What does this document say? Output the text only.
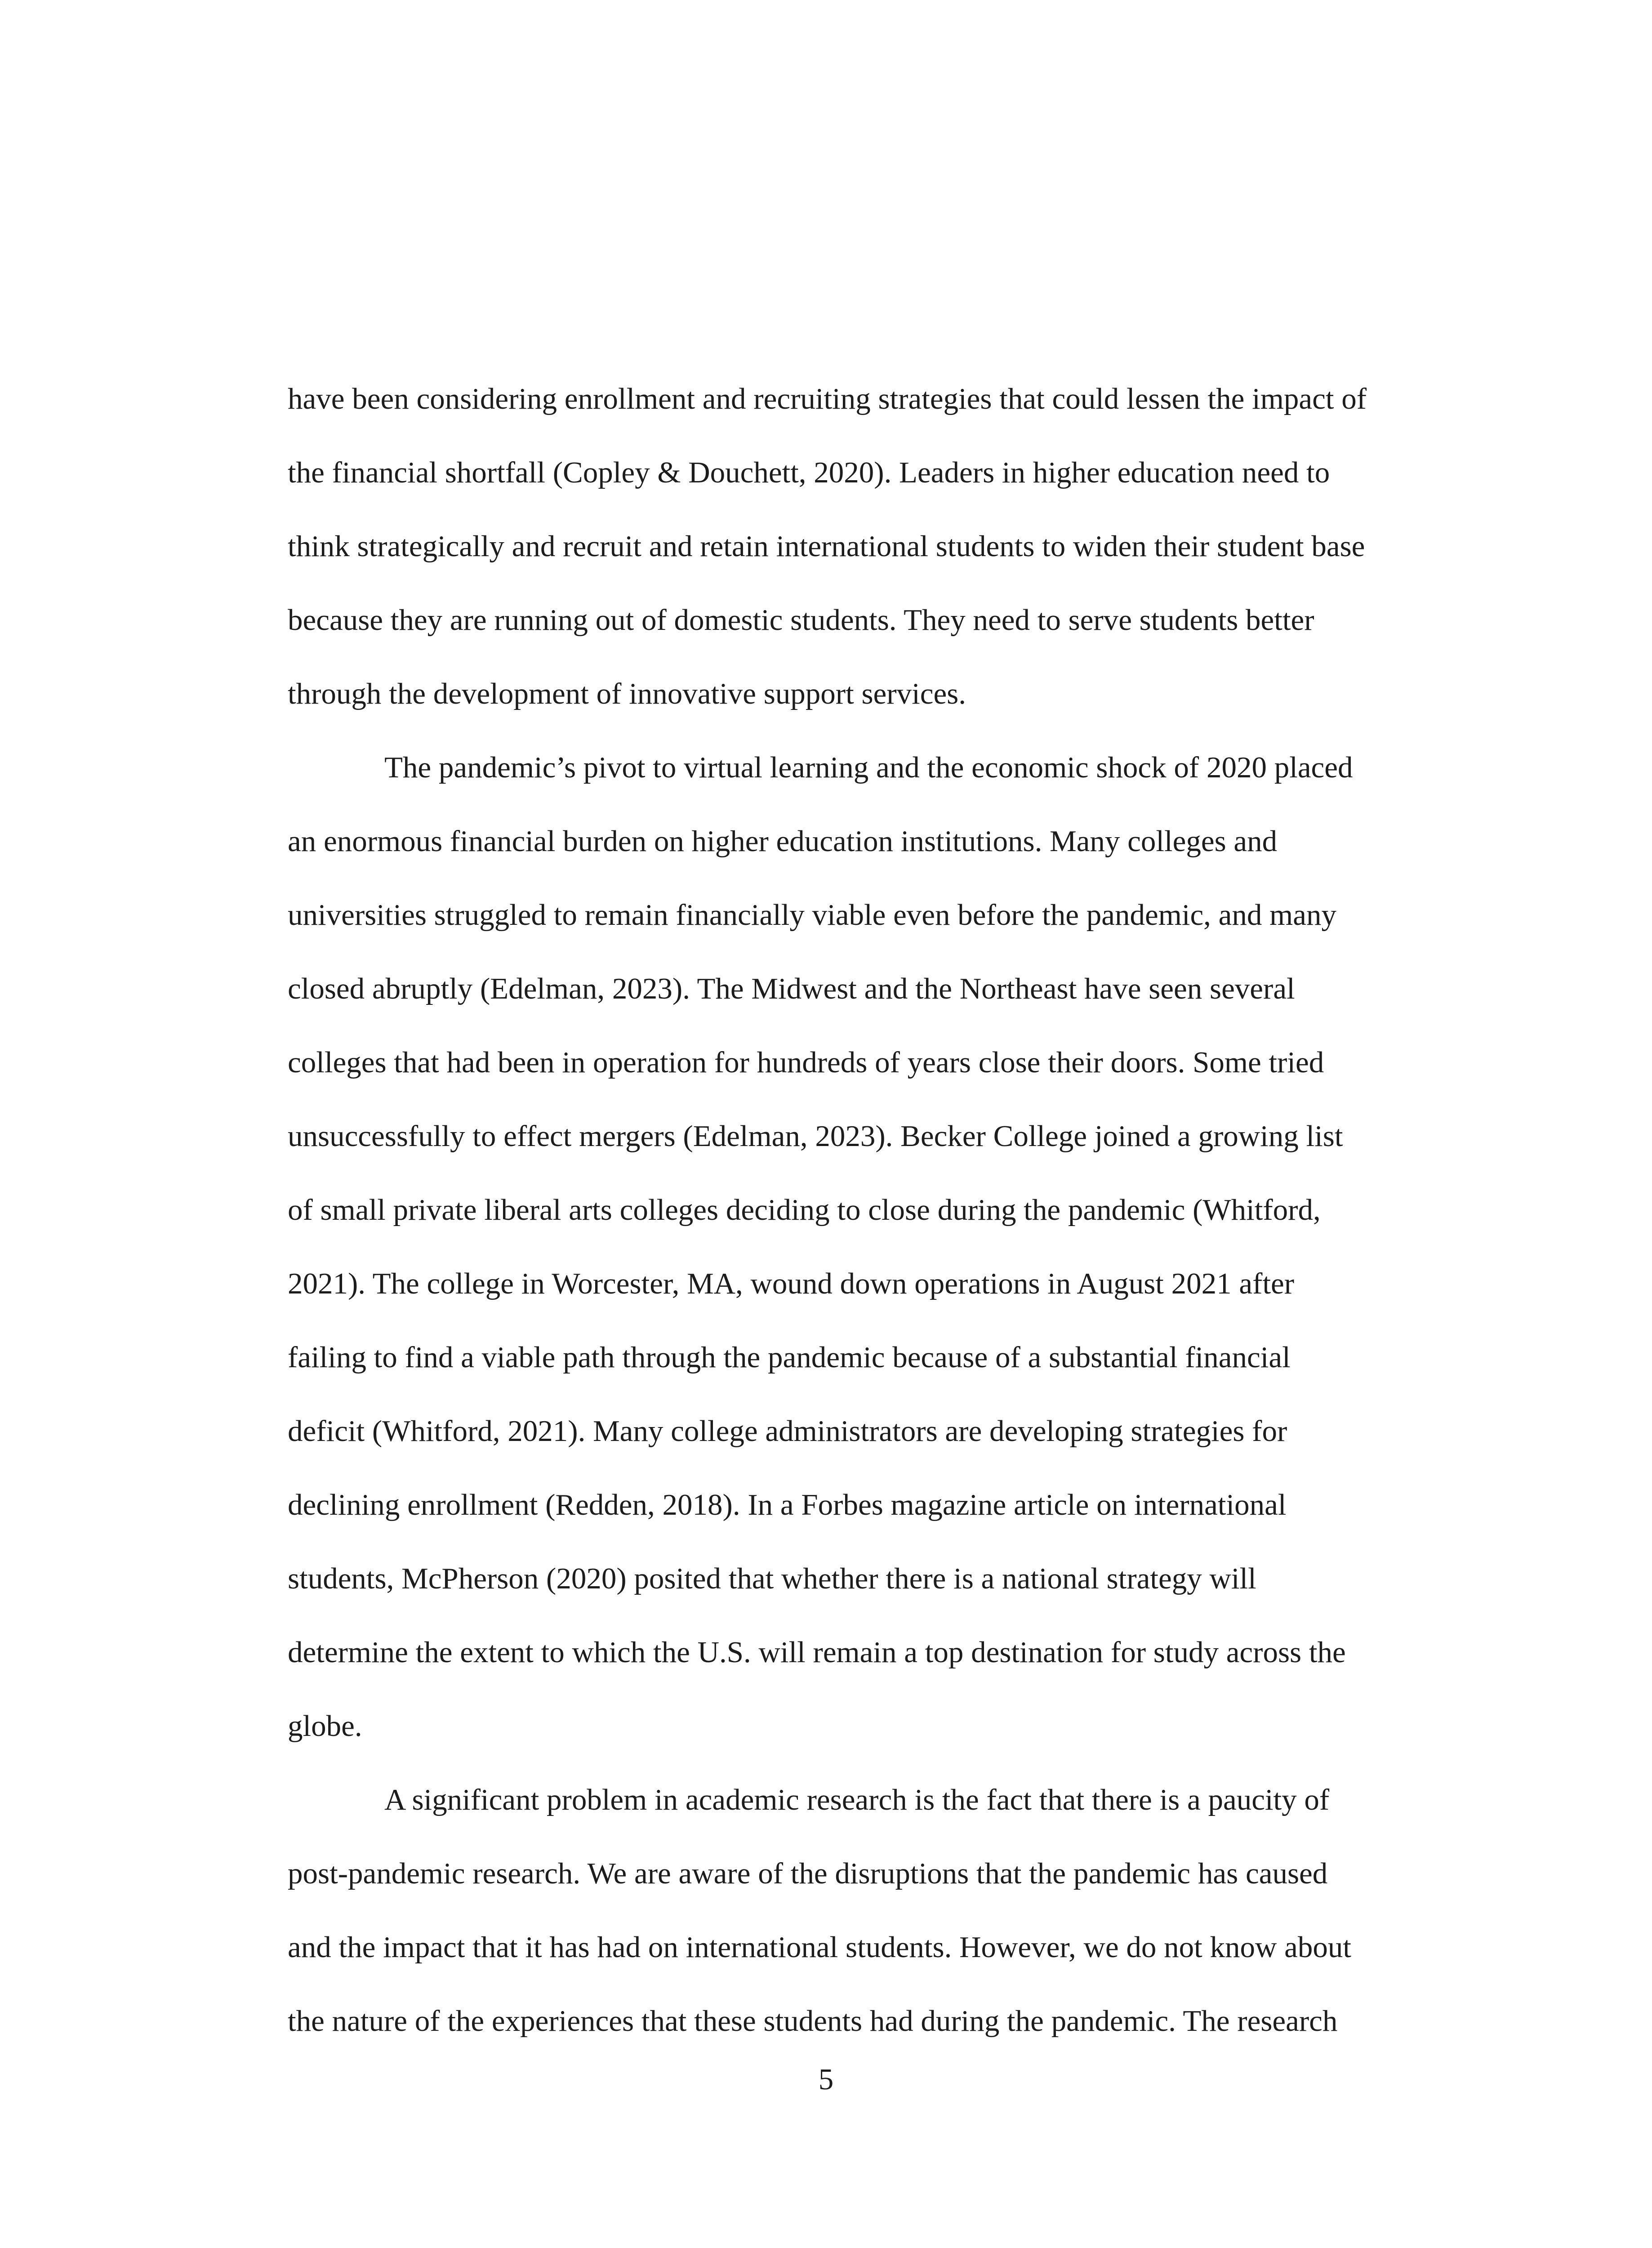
have been considering enrollment and recruiting strategies that could lessen the impact of
the financial shortfall (Copley & Douchett, 2020). Leaders in higher education need to
think strategically and recruit and retain international students to widen their student base
because they are running out of domestic students. They need to serve students better
through the development of innovative support services.
The pandemic’s pivot to virtual learning and the economic shock of 2020 placed
an enormous financial burden on higher education institutions. Many colleges and
universities struggled to remain financially viable even before the pandemic, and many
closed abruptly (Edelman, 2023). The Midwest and the Northeast have seen several
colleges that had been in operation for hundreds of years close their doors. Some tried
unsuccessfully to effect mergers (Edelman, 2023). Becker College joined a growing list
of small private liberal arts colleges deciding to close during the pandemic (Whitford,
2021). The college in Worcester, MA, wound down operations in August 2021 after
failing to find a viable path through the pandemic because of a substantial financial
deficit (Whitford, 2021). Many college administrators are developing strategies for
declining enrollment (Redden, 2018). In a Forbes magazine article on international
students, McPherson (2020) posited that whether there is a national strategy will
determine the extent to which the U.S. will remain a top destination for study across the
globe.
A significant problem in academic research is the fact that there is a paucity of
post-pandemic research. We are aware of the disruptions that the pandemic has caused
and the impact that it has had on international students. However, we do not know about
the nature of the experiences that these students had during the pandemic. The research
5
